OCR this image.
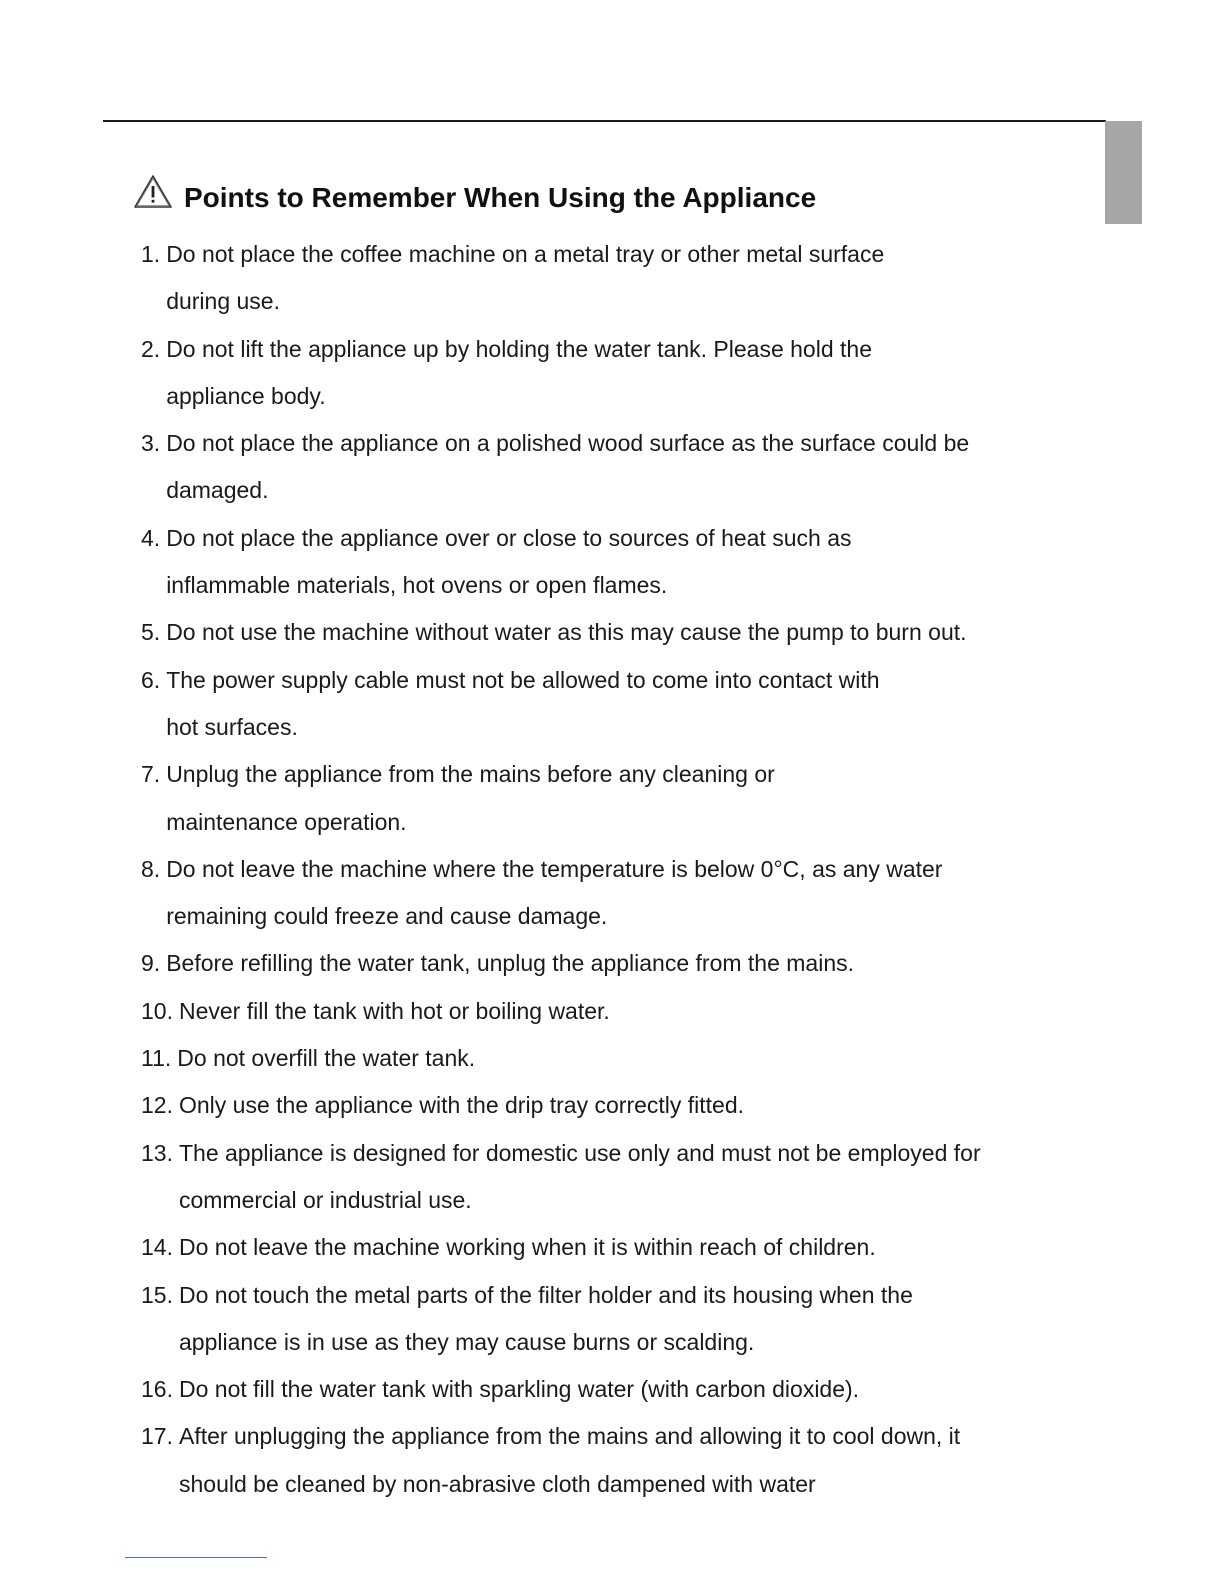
Points to Remember When Using the Appliance
1. Do not place the coffee machine on a metal tray or other metal surface
during use.
2. Do not lift the appliance up by holding the water tank. Please hold the
appliance body.
3. Do not place the appliance on a polished wood surface as the surface could be
damaged.
4. Do not place the appliance over or close to sources of heat such as
inflammable materials, hot ovens or open flames.
5. Do not use the machine without water as this may cause the pump to burn out.
6. The power supply cable must not be allowed to come into contact with
hot surfaces.
7. Unplug the appliance from the mains before any cleaning or
maintenance operation.
8. Do not leave the machine where the temperature is below 0°C, as any water
remaining could freeze and cause damage.
9. Before refilling the water tank, unplug the appliance from the mains.
10. Never fill the tank with hot or boiling water.
11. Do not overfill the water tank.
12. Only use the appliance with the drip tray correctly fitted.
13. The appliance is designed for domestic use only and must not be employed for
commercial or industrial use.
14. Do not leave the machine working when it is within reach of children.
15. Do not touch the metal parts of the filter holder and its housing when the
appliance is in use as they may cause burns or scalding.
16. Do not fill the water tank with sparkling water (with carbon dioxide).
17. After unplugging the appliance from the mains and allowing it to cool down, it
should be cleaned by non-abrasive cloth dampened with water
